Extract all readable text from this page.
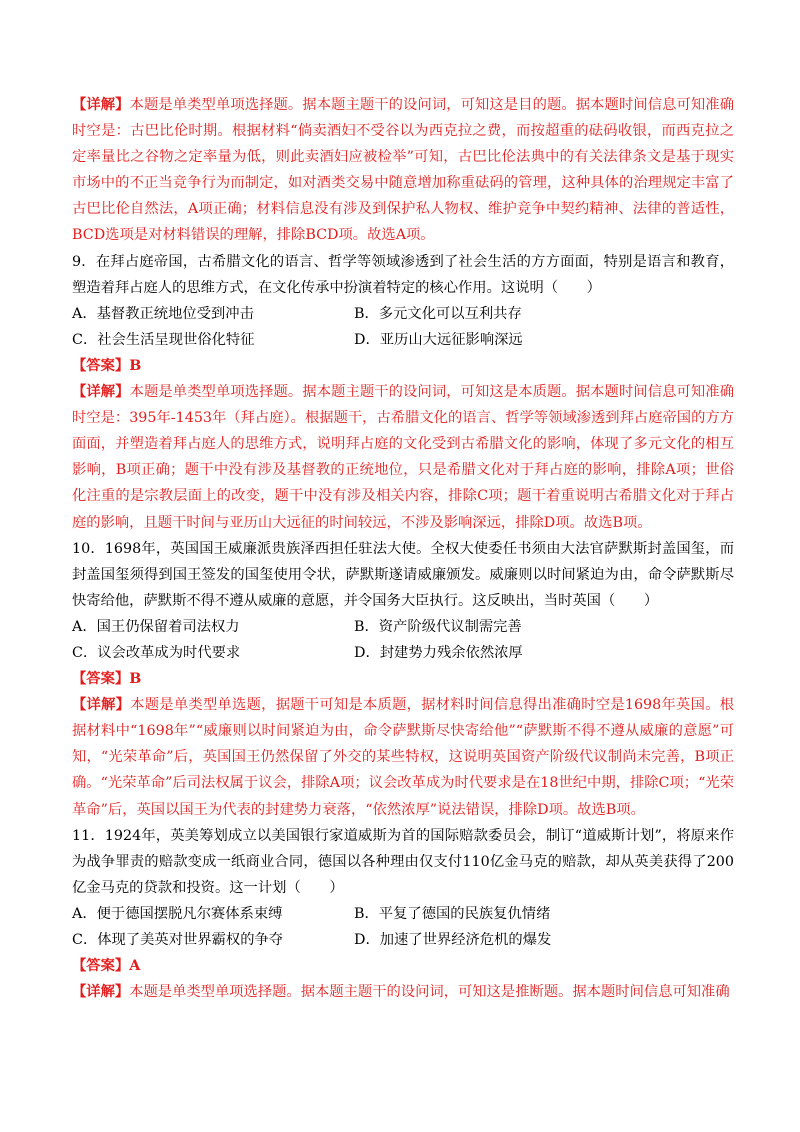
【详解】本题是单类型单项选择题。据本题主题干的设问词，可知这是目的题。据本题时间信息可知准确时空是：古巴比伦时期。根据材料“倘卖酒妇不受谷以为西克拉之费，而按超重的砝码收银，而西克拉之定率量比之谷物之定率量为低，则此卖酒妇应被检举”可知，古巴比伦法典中的有关法律条文是基于现实市场中的不正当竞争行为而制定，如对酒类交易中随意增加称重砝码的管理，这种具体的治理规定丰富了古巴比伦自然法，A项正确；材料信息没有涉及到保护私人物权、维护竞争中契约精神、法律的普适性，BCD选项是对材料错误的理解，排除BCD项。故选A项。

9．在拜占庭帝国，古希腊文化的语言、哲学等领域渗透到了社会生活的方方面面，特别是语言和教育，塑造着拜占庭人的思维方式，在文化传承中扮演着特定的核心作用。这说明（　　）

A．基督教正统地位受到冲击	B．多元文化可以互利共存
C．社会生活呈现世俗化特征	D．亚历山大远征影响深远
【答案】B

【详解】本题是单类型单项选择题。据本题主题干的设问词，可知这是本质题。据本题时间信息可知准确时空是：395年-1453年（拜占庭）。根据题干，古希腊文化的语言、哲学等领域渗透到拜占庭帝国的方方面面，并塑造着拜占庭人的思维方式，说明拜占庭的文化受到古希腊文化的影响，体现了多元文化的相互影响，B项正确；题干中没有涉及基督教的正统地位，只是希腊文化对于拜占庭的影响，排除A项；世俗化注重的是宗教层面上的改变，题干中没有涉及相关内容，排除C项；题干着重说明古希腊文化对于拜占庭的影响，且题干时间与亚历山大远征的时间较远，不涉及影响深远，排除D项。故选B项。

10．1698年，英国国王威廉派贵族泽西担任驻法大使。全权大使委任书须由大法官萨默斯封盖国玺，而封盖国玺须得到国王签发的国玺使用令状，萨默斯遂请威廉颁发。威廉则以时间紧迫为由，命令萨默斯尽快寄给他，萨默斯不得不遵从威廉的意愿，并令国务大臣执行。这反映出，当时英国（　　）

A．国王仍保留着司法权力	B．资产阶级代议制需完善
C．议会改革成为时代要求	D．封建势力残余依然浓厚
【答案】B

【详解】本题是单类型单选题，据题干可知是本质题，据材料时间信息得出准确时空是1698年英国。根据材料中“1698年”“威廉则以时间紧迫为由，命令萨默斯尽快寄给他”“萨默斯不得不遵从威廉的意愿”可知，“光荣革命”后，英国国王仍然保留了外交的某些特权，这说明英国资产阶级代议制尚未完善，B项正确。“光荣革命”后司法权属于议会，排除A项；议会改革成为时代要求是在18世纪中期，排除C项；“光荣革命”后，英国以国王为代表的封建势力衰落，“依然浓厚”说法错误，排除D项。故选B项。

11．1924年，英美筹划成立以美国银行家道威斯为首的国际赔款委员会，制订“道威斯计划”，将原来作为战争罪责的赔款变成一纸商业合同，德国以各种理由仅支付110亿金马克的赔款，却从英美获得了200亿金马克的贷款和投资。这一计划（　　）

A．便于德国摆脱凡尔赛体系束缚	B．平复了德国的民族复仇情绪
C．体现了美英对世界霸权的争夺	D．加速了世界经济危机的爆发
【答案】A

【详解】本题是单类型单项选择题。据本题主题干的设问词，可知这是推断题。据本题时间信息可知准确
